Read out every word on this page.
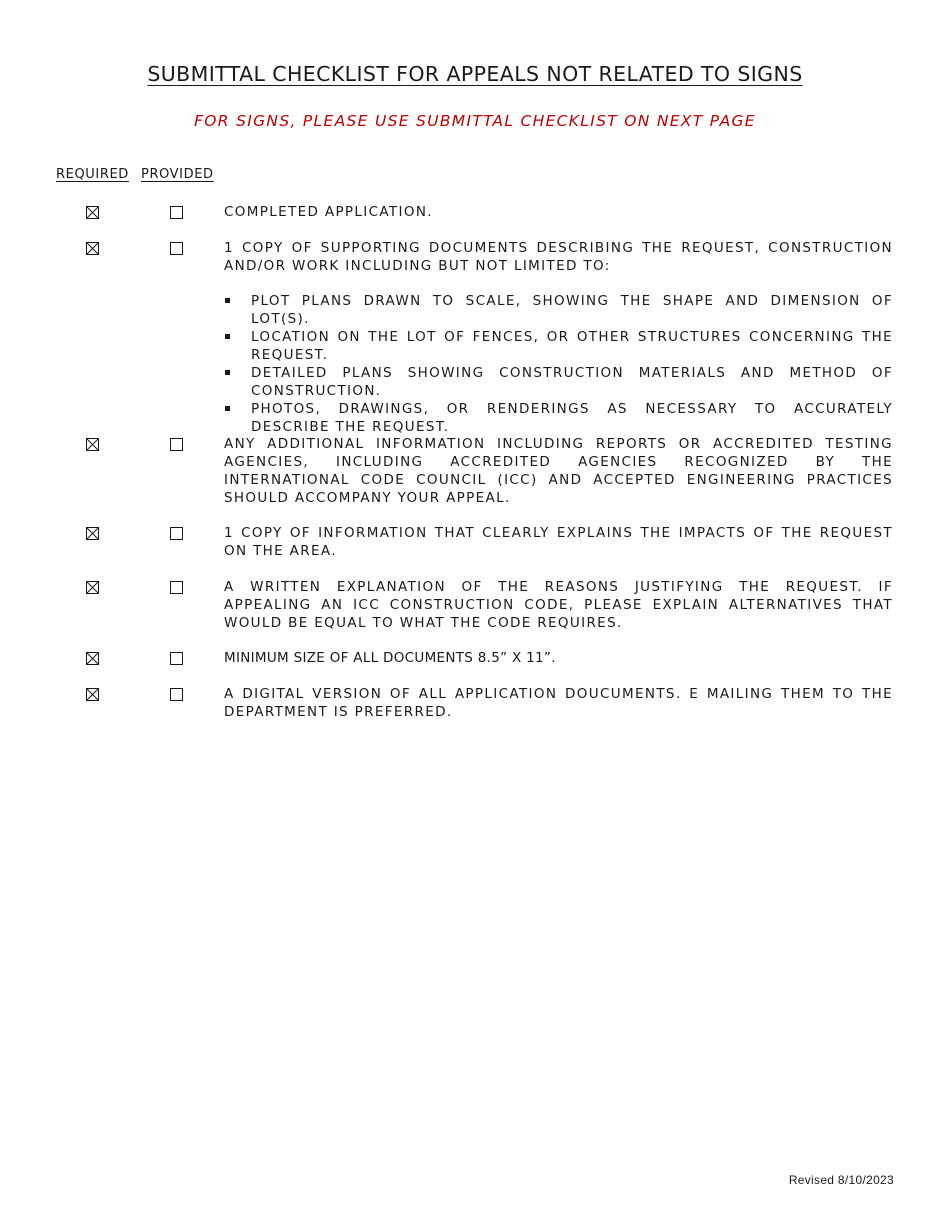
SUBMITTAL CHECKLIST FOR APPEALS NOT RELATED TO SIGNS
FOR SIGNS, PLEASE USE SUBMITTAL CHECKLIST ON NEXT PAGE
REQUIRED PROVIDED
COMPLETED APPLICATION.
1 COPY OF SUPPORTING DOCUMENTS DESCRIBING THE REQUEST, CONSTRUCTION AND/OR WORK INCLUDING BUT NOT LIMITED TO:
PLOT PLANS DRAWN TO SCALE, SHOWING THE SHAPE AND DIMENSION OF LOT(S).
LOCATION ON THE LOT OF FENCES, OR OTHER STRUCTURES CONCERNING THE REQUEST.
DETAILED PLANS SHOWING CONSTRUCTION MATERIALS AND METHOD OF CONSTRUCTION.
PHOTOS, DRAWINGS, OR RENDERINGS AS NECESSARY TO ACCURATELY DESCRIBE THE REQUEST.
ANY ADDITIONAL INFORMATION INCLUDING REPORTS OR ACCREDITED TESTING AGENCIES, INCLUDING ACCREDITED AGENCIES RECOGNIZED BY THE INTERNATIONAL CODE COUNCIL (ICC) AND ACCEPTED ENGINEERING PRACTICES SHOULD ACCOMPANY YOUR APPEAL.
1 COPY OF INFORMATION THAT CLEARLY EXPLAINS THE IMPACTS OF THE REQUEST ON THE AREA.
A WRITTEN EXPLANATION OF THE REASONS JUSTIFYING THE REQUEST. IF APPEALING AN ICC CONSTRUCTION CODE, PLEASE EXPLAIN ALTERNATIVES THAT WOULD BE EQUAL TO WHAT THE CODE REQUIRES.
MINIMUM SIZE OF ALL DOCUMENTS 8.5” X 11”.
A DIGITAL VERSION OF ALL APPLICATION DOUCUMENTS. E MAILING THEM TO THE DEPARTMENT IS PREFERRED.
Revised 8/10/2023
